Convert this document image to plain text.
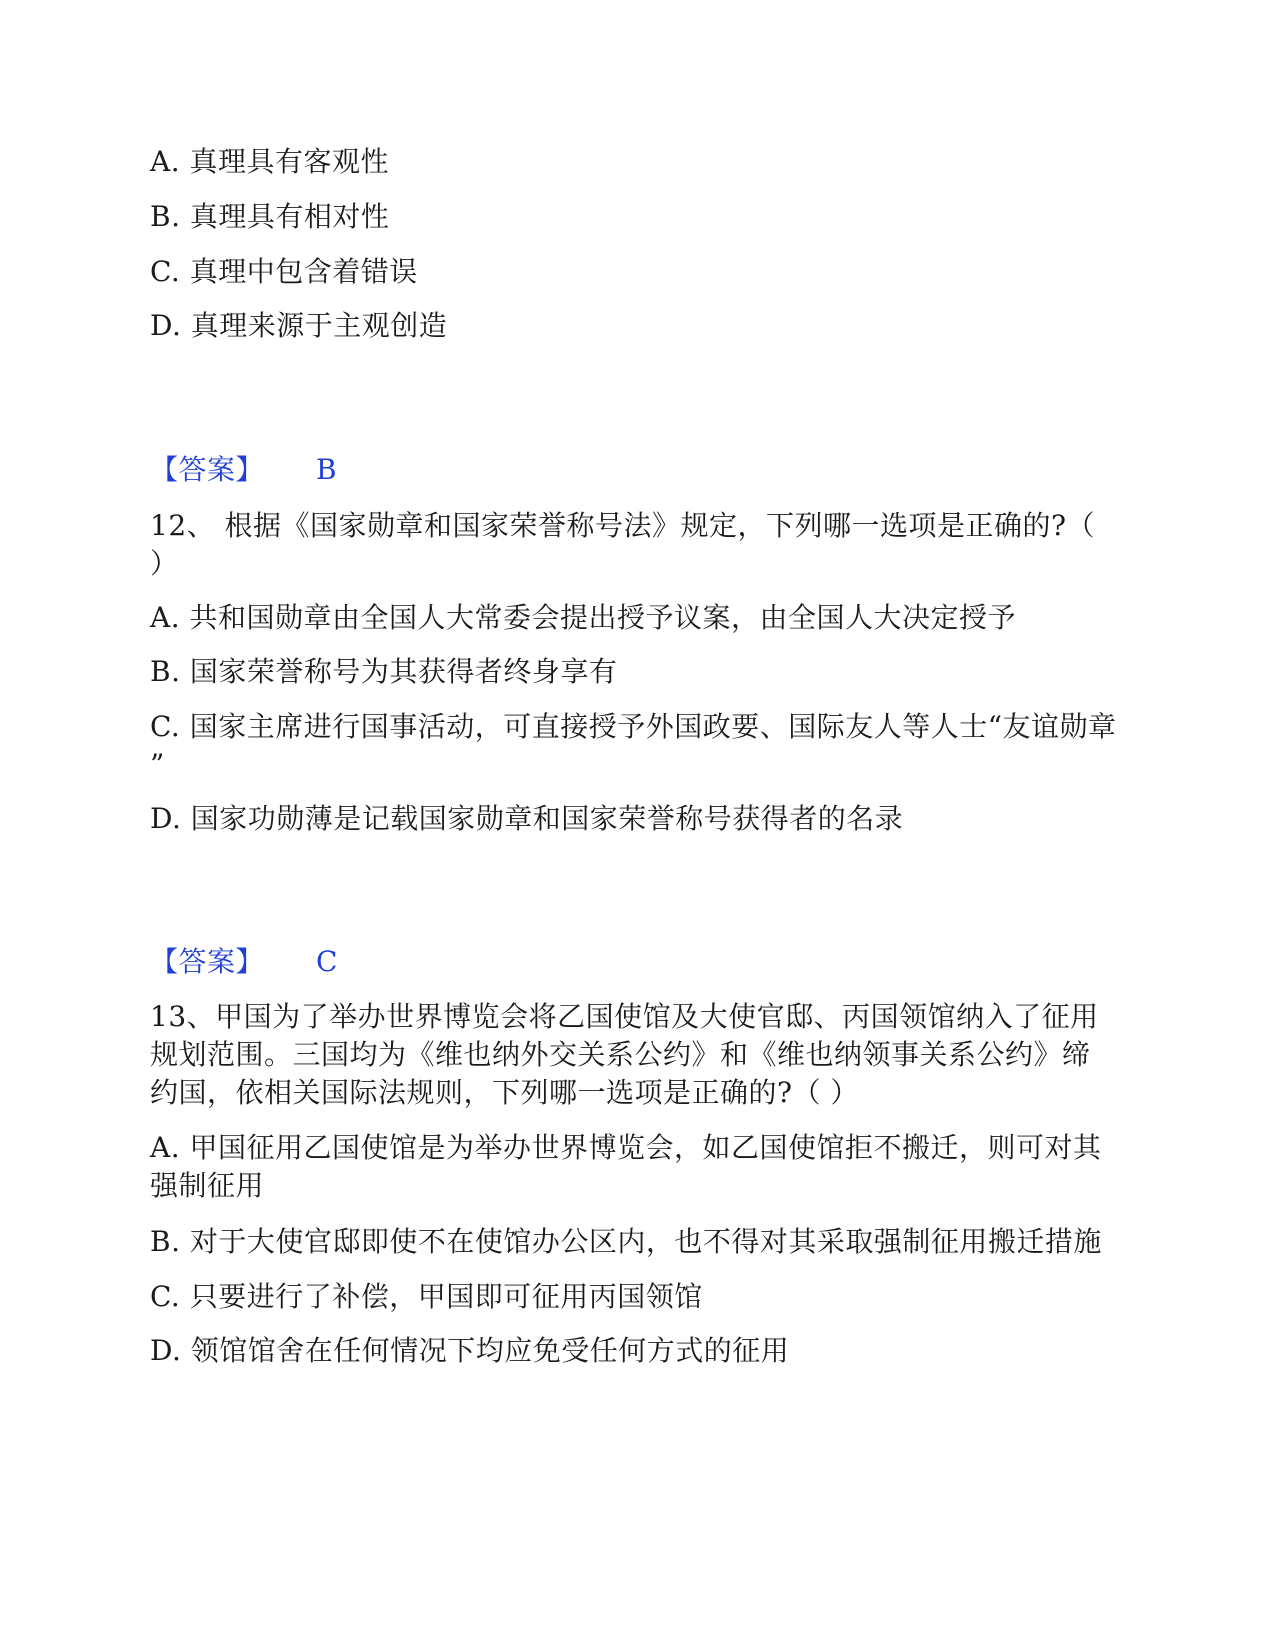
A. 真理具有客观性
B. 真理具有相对性
C. 真理中包含着错误
D. 真理来源于主观创造
【答案】 B
12、 根据《国家勋章和国家荣誉称号法》规定，下列哪一选项是正确的?（
）
A. 共和国勋章由全国人大常委会提出授予议案，由全国人大决定授予
B. 国家荣誉称号为其获得者终身享有
C. 国家主席进行国事活动，可直接授予外国政要、国际友人等人士“友谊勋章
”
D. 国家功勋薄是记载国家勋章和国家荣誉称号获得者的名录
【答案】 C
13、甲国为了举办世界博览会将乙国使馆及大使官邸、丙国领馆纳入了征用
规划范围。三国均为《维也纳外交关系公约》和《维也纳领事关系公约》缔
约国，依相关国际法规则，下列哪一选项是正确的?（ ）
A. 甲国征用乙国使馆是为举办世界博览会，如乙国使馆拒不搬迁，则可对其
强制征用
B. 对于大使官邸即使不在使馆办公区内，也不得对其采取强制征用搬迁措施
C. 只要进行了补偿，甲国即可征用丙国领馆
D. 领馆馆舍在任何情况下均应免受任何方式的征用
